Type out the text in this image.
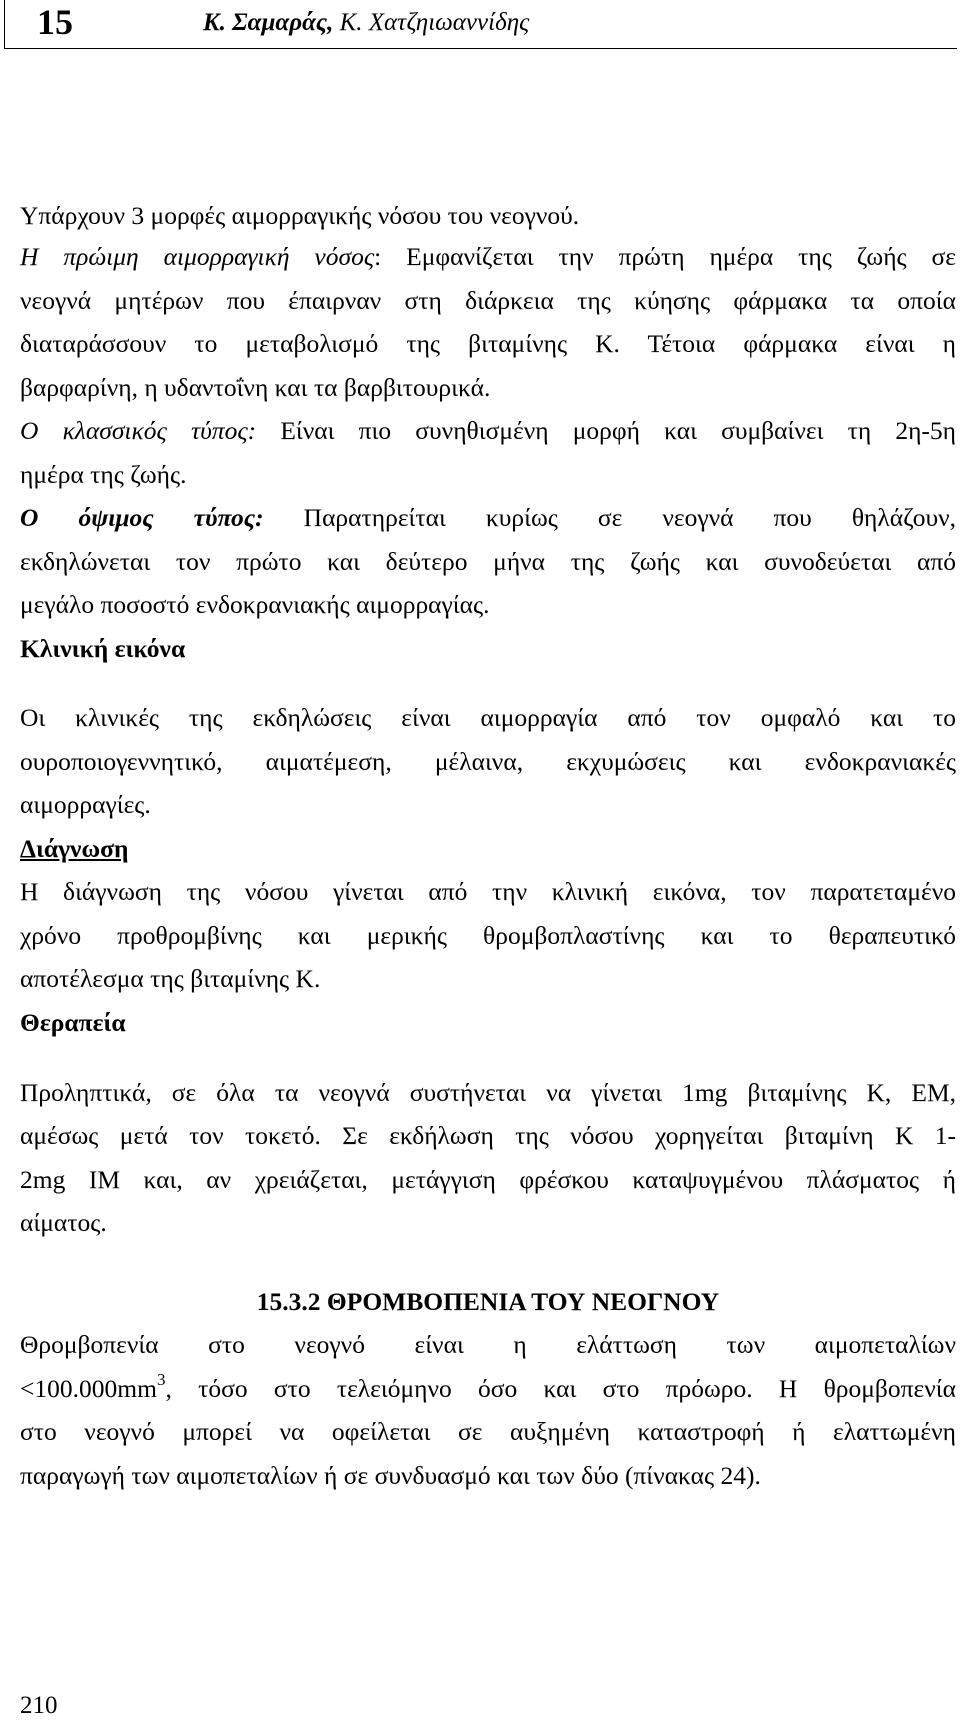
15	Κ. Σαμαράς, Κ. Χατζηιωαννίδης
Υπάρχουν 3 μορφές αιμορραγικής νόσου του νεογνού.
Η πρώιμη αιμορραγική νόσος: Εμφανίζεται την πρώτη ημέρα της ζωής σε
νεογνά μητέρων που έπαιρναν στη διάρκεια της κύησης φάρμακα τα οποία
διαταράσσουν το μεταβολισμό της βιταμίνης Κ. Τέτοια φάρμακα είναι η
βαρφαρίνη, η υδαντοΐνη και τα βαρβιτουρικά.
Ο κλασσικός τύπος: Είναι πιο συνηθισμένη μορφή και συμβαίνει τη 2η-5η
ημέρα της ζωής.
Ο όψιμος τύπος: Παρατηρείται κυρίως σε νεογνά που θηλάζουν,
εκδηλώνεται τον πρώτο και δεύτερο μήνα της ζωής και συνοδεύεται από
μεγάλο ποσοστό ενδοκρανιακής αιμορραγίας.
Κλινική εικόνα
Οι κλινικές της εκδηλώσεις είναι αιμορραγία από τον ομφαλό και το
ουροποιογεννητικό, αιματέμεση, μέλαινα, εκχυμώσεις και ενδοκρανιακές
αιμορραγίες.
Διάγνωση
Η διάγνωση της νόσου γίνεται από την κλινική εικόνα, τον παρατεταμένο
χρόνο προθρομβίνης και μερικής θρομβοπλαστίνης και το θεραπευτικό
αποτέλεσμα της βιταμίνης Κ.
Θεραπεία
Προληπτικά, σε όλα τα νεογνά συστήνεται να γίνεται 1mg βιταμίνης Κ, ΕΜ,
αμέσως μετά τον τοκετό. Σε εκδήλωση της νόσου χορηγείται βιταμίνη Κ 1-
2mg ΙΜ και, αν χρειάζεται, μετάγγιση φρέσκου καταψυγμένου πλάσματος ή
αίματος.
15.3.2 ΘΡΟΜΒΟΠΕΝΙΑ ΤΟΥ ΝΕΟΓΝΟΥ
Θρομβοπενία στο νεογνό είναι η ελάττωση των αιμοπεταλίων
$<100.000mm^3$, τόσο στο τελειόμηνο όσο και στο πρόωρο. Η θρομβοπενία
στο νεογνό μπορεί να οφείλεται σε αυξημένη καταστροφή ή ελαττωμένη
παραγωγή των αιμοπεταλίων ή σε συνδυασμό και των δύο (πίνακας 24).
210
